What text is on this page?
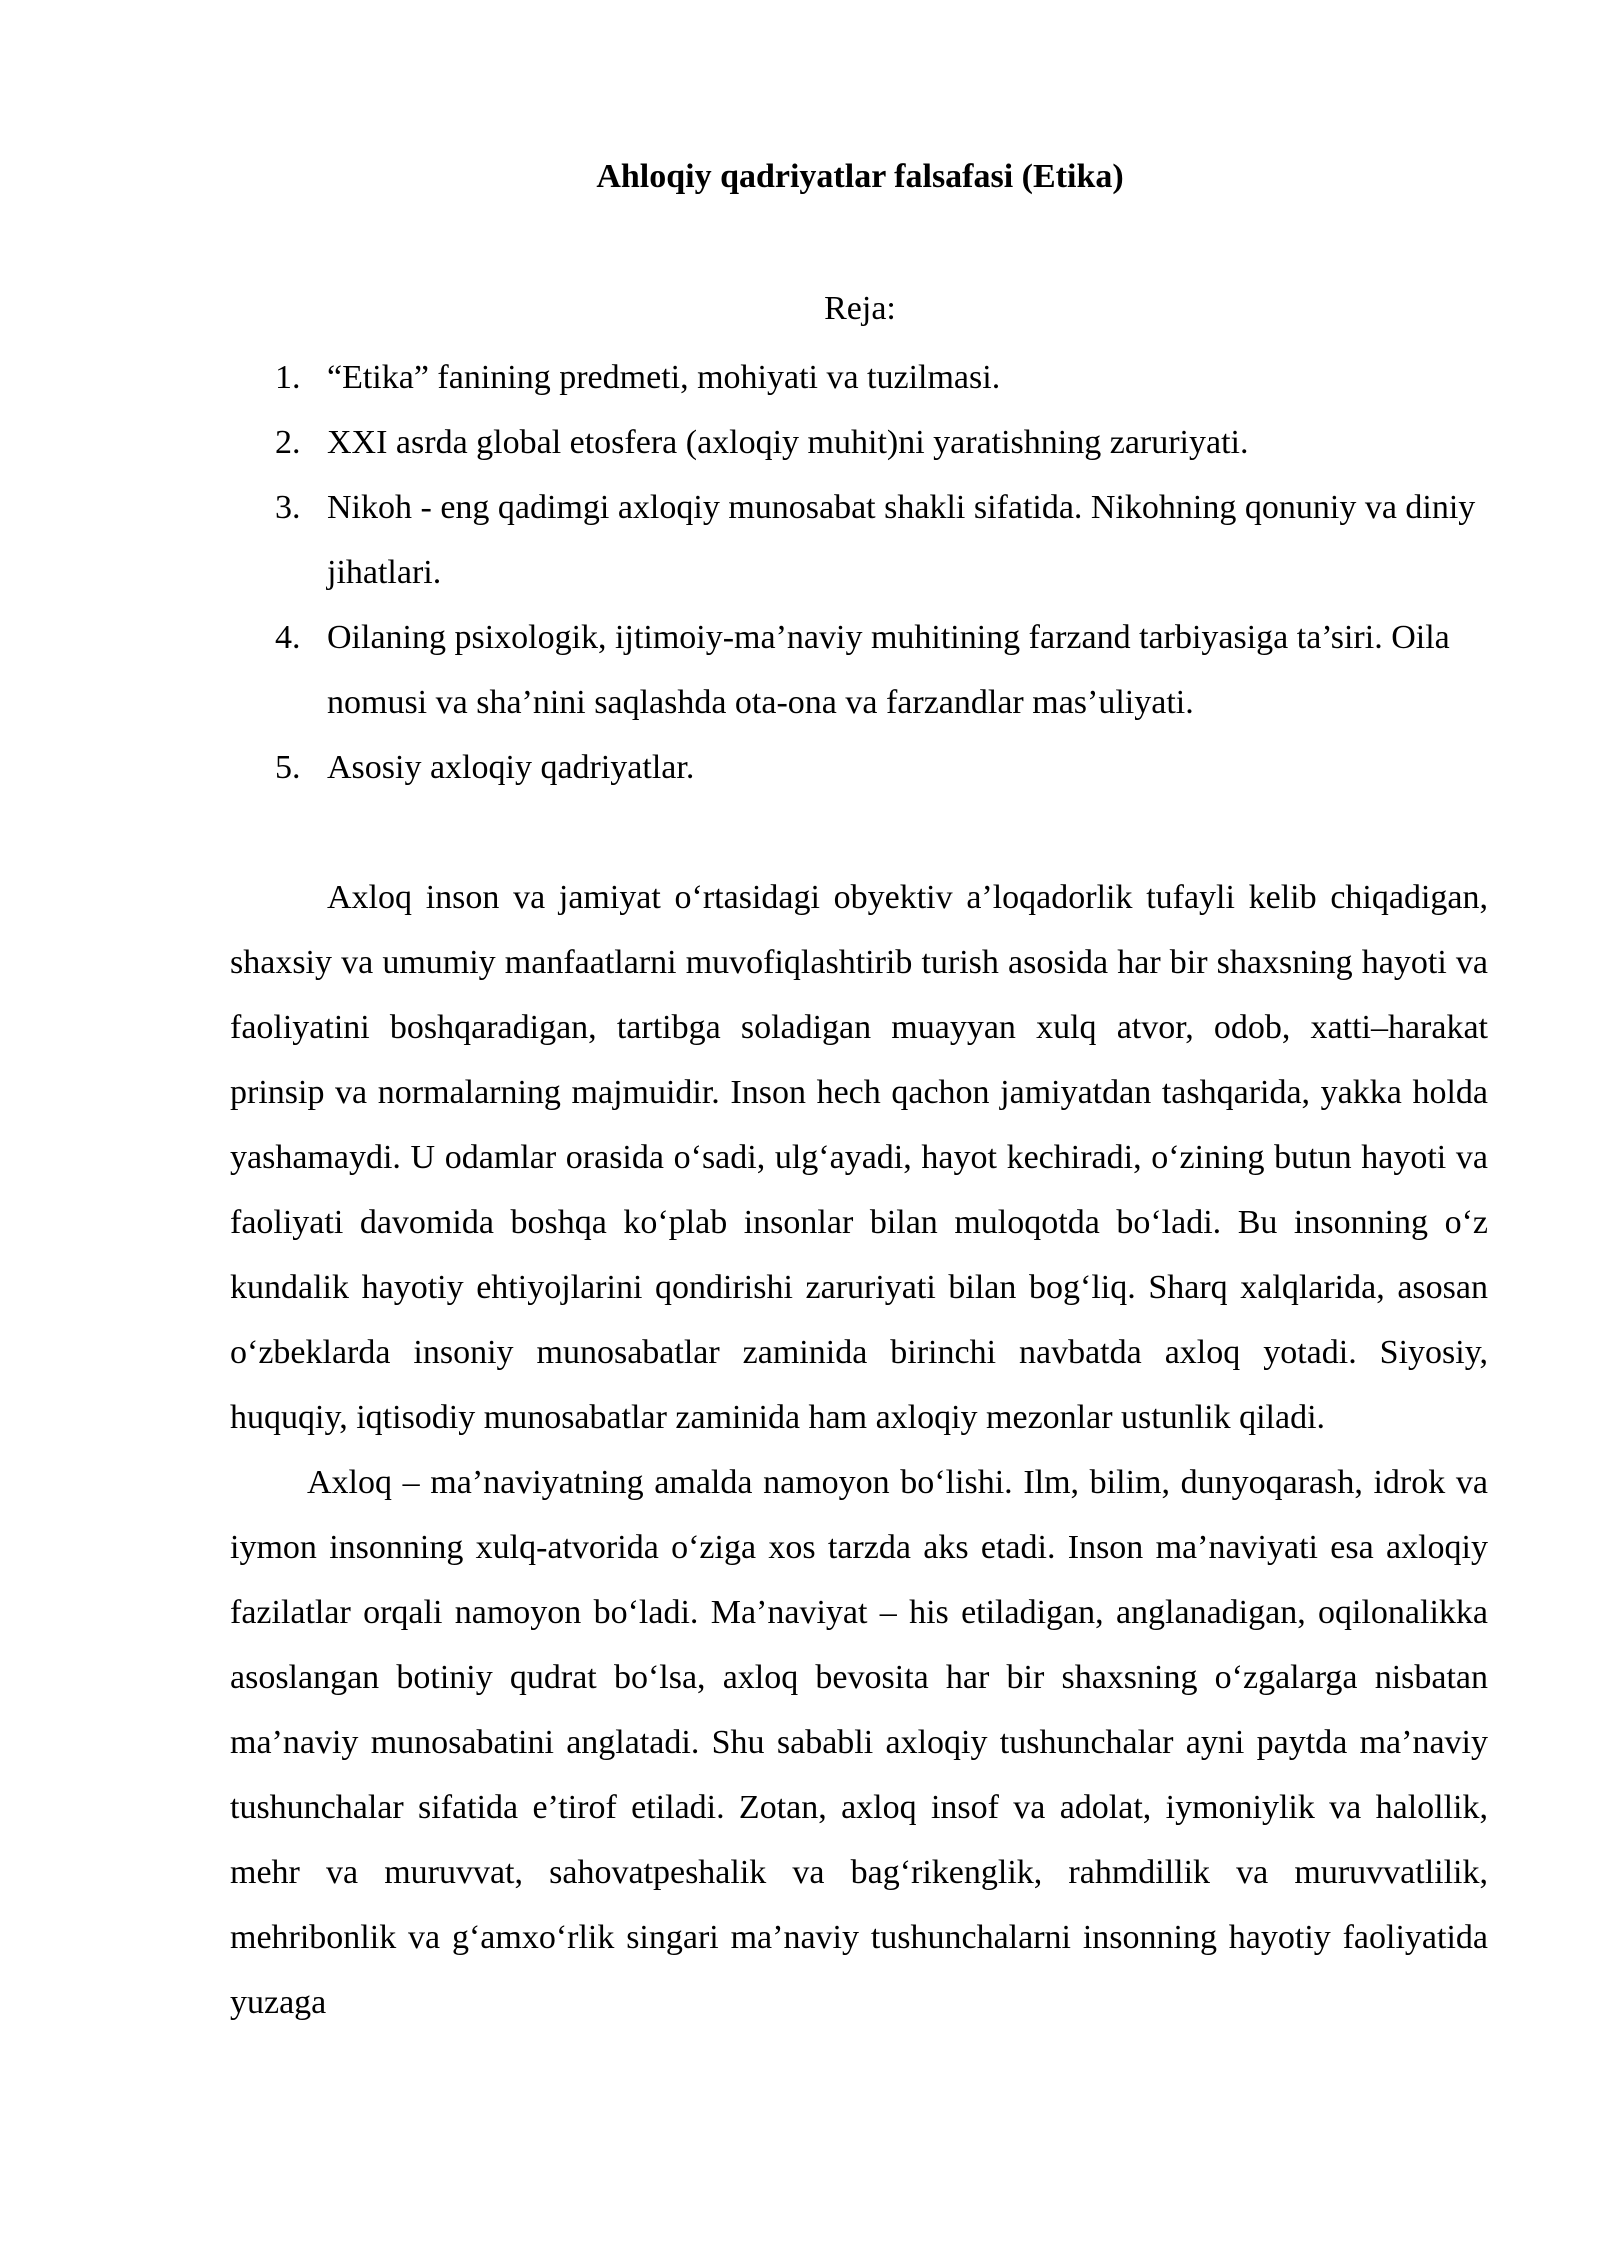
Ahloqiy qadriyatlar falsafasi (Etika)
Reja:
1. “Etika” fanining predmeti, mohiyati va tuzilmasi.
2. XXI asrda global etosfera (axloqiy muhit)ni yaratishning zaruriyati.
3. Nikoh - eng qadimgi axloqiy munosabat shakli sifatida. Nikohning qonuniy va diniy jihatlari.
4. Oilaning psixologik, ijtimoiy-ma’naviy muhitining farzand tarbiyasiga ta’siri. Oila nomusi va sha’nini saqlashda ota-ona va farzandlar mas’uliyati.
5. Asosiy axloqiy qadriyatlar.

Axloq inson va jamiyat o‘rtasidagi obyektiv a’loqadorlik tufayli kelib chiqadigan, shaxsiy va umumiy manfaatlarni muvofiqlashtirib turish asosida har bir shaxsning hayoti va faoliyatini boshqaradigan, tartibga soladigan muayyan xulq atvor, odob, xatti–harakat prinsip va normalarning majmuidir. Inson hech qachon jamiyatdan tashqarida, yakka holda yashamaydi. U odamlar orasida o‘sadi, ulg‘ayadi, hayot kechiradi, o‘zining butun hayoti va faoliyati davomida boshqa ko‘plab insonlar bilan muloqotda bo‘ladi. Bu insonning o‘z kundalik hayotiy ehtiyojlarini qondirishi zaruriyati bilan bog‘liq. Sharq xalqlarida, asosan o‘zbeklarda insoniy munosabatlar zaminida birinchi navbatda axloq yotadi. Siyosiy, huquqiy, iqtisodiy munosabatlar zaminida ham axloqiy mezonlar ustunlik qiladi.

Axloq – ma’naviyatning amalda namoyon bo‘lishi. Ilm, bilim, dunyoqarash, idrok va iymon insonning xulq-atvorida o‘ziga xos tarzda aks etadi. Inson ma’naviyati esa axloqiy fazilatlar orqali namoyon bo‘ladi. Ma’naviyat – his etiladigan, anglanadigan, oqilonalikka asoslangan botiniy qudrat bo‘lsa, axloq bevosita har bir shaxsning o‘zgalarga nisbatan ma’naviy munosabatini anglatadi. Shu sababli axloqiy tushunchalar ayni paytda ma’naviy tushunchalar sifatida e’tirof etiladi. Zotan, axloq insof va adolat, iymoniylik va halollik, mehr va muruvvat, sahovatpeshalik va bag‘rikenglik, rahmdillik va muruvvatlilik, mehribonlik va g‘amxo‘rlik singari ma’naviy tushunchalarni insonning hayotiy faoliyatida yuzaga
